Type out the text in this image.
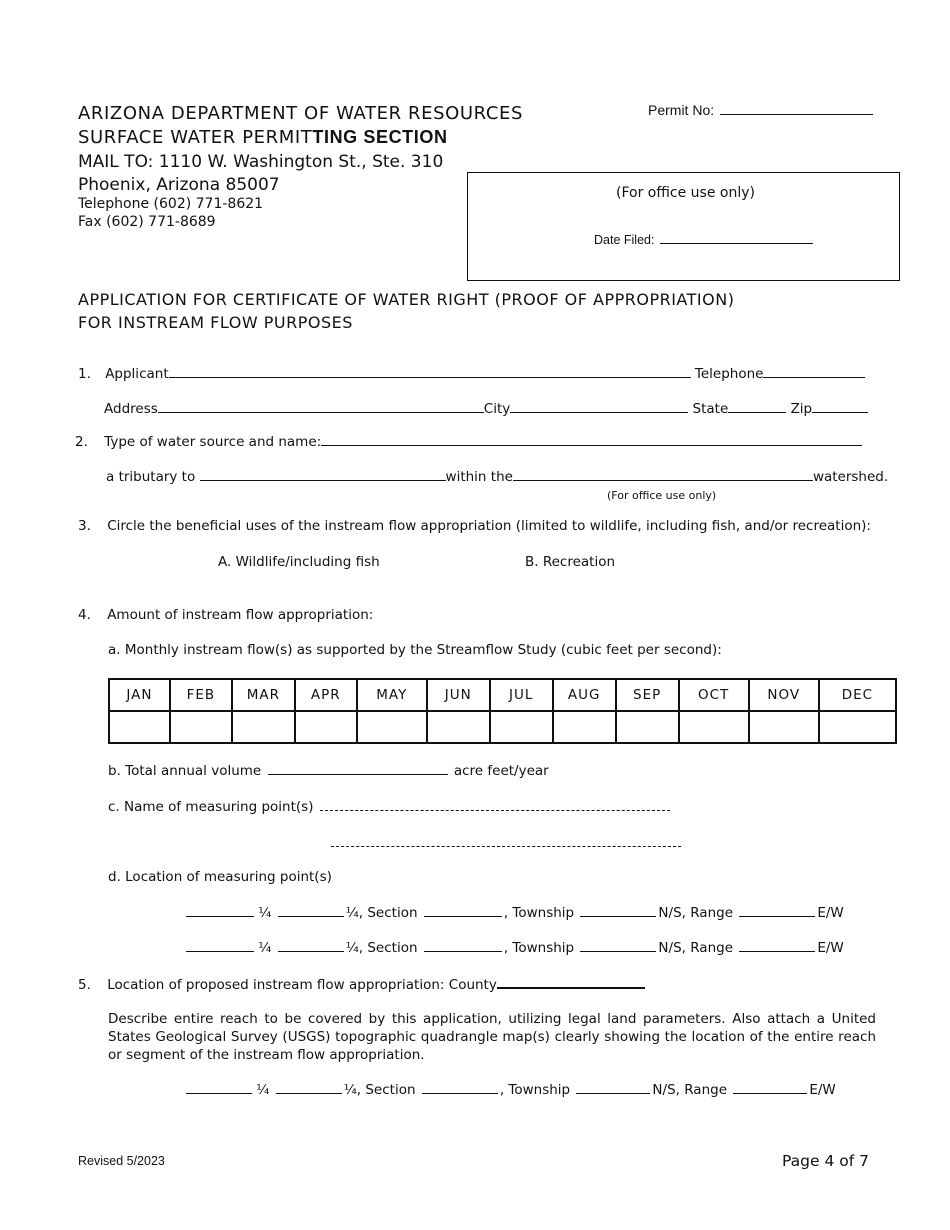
ARIZONA DEPARTMENT OF WATER RESOURCES
SURFACE WATER PERMITTING SECTION
MAIL TO: 1110 W. Washington St., Ste. 310
Phoenix, Arizona 85007
Telephone (602) 771-8621
Fax (602) 771-8689
Permit No:
(For office use only)
Date Filed:
APPLICATION FOR CERTIFICATE OF WATER RIGHT (PROOF OF APPROPRIATION)
FOR INSTREAM FLOW PURPOSES
1. Applicant	Telephone
Address	City	State	Zip
2. Type of water source and name:
a tributary to	within the	watershed.
(For office use only)
3. Circle the beneficial uses of the instream flow appropriation (limited to wildlife, including fish, and/or recreation):
A. Wildlife/including fish	B. Recreation
4. Amount of instream flow appropriation:
a. Monthly instream flow(s) as supported by the Streamflow Study (cubic feet per second):
JAN	FEB	MAR	APR	MAY	JUN	JUL	AUG	SEP	OCT	NOV	DEC

b. Total annual volume	acre feet/year
c. Name of measuring point(s)
d. Location of measuring point(s)
¼	¼, Section	, Township	N/S, Range	E/W
¼	¼, Section	, Township	N/S, Range	E/W
5. Location of proposed instream flow appropriation: County
Describe entire reach to be covered by this application, utilizing legal land parameters. Also attach a United States Geological Survey (USGS) topographic quadrangle map(s) clearly showing the location of the entire reach or segment of the instream flow appropriation.
¼	¼, Section	, Township	N/S, Range	E/W
Revised 5/2023	Page 4 of 7
